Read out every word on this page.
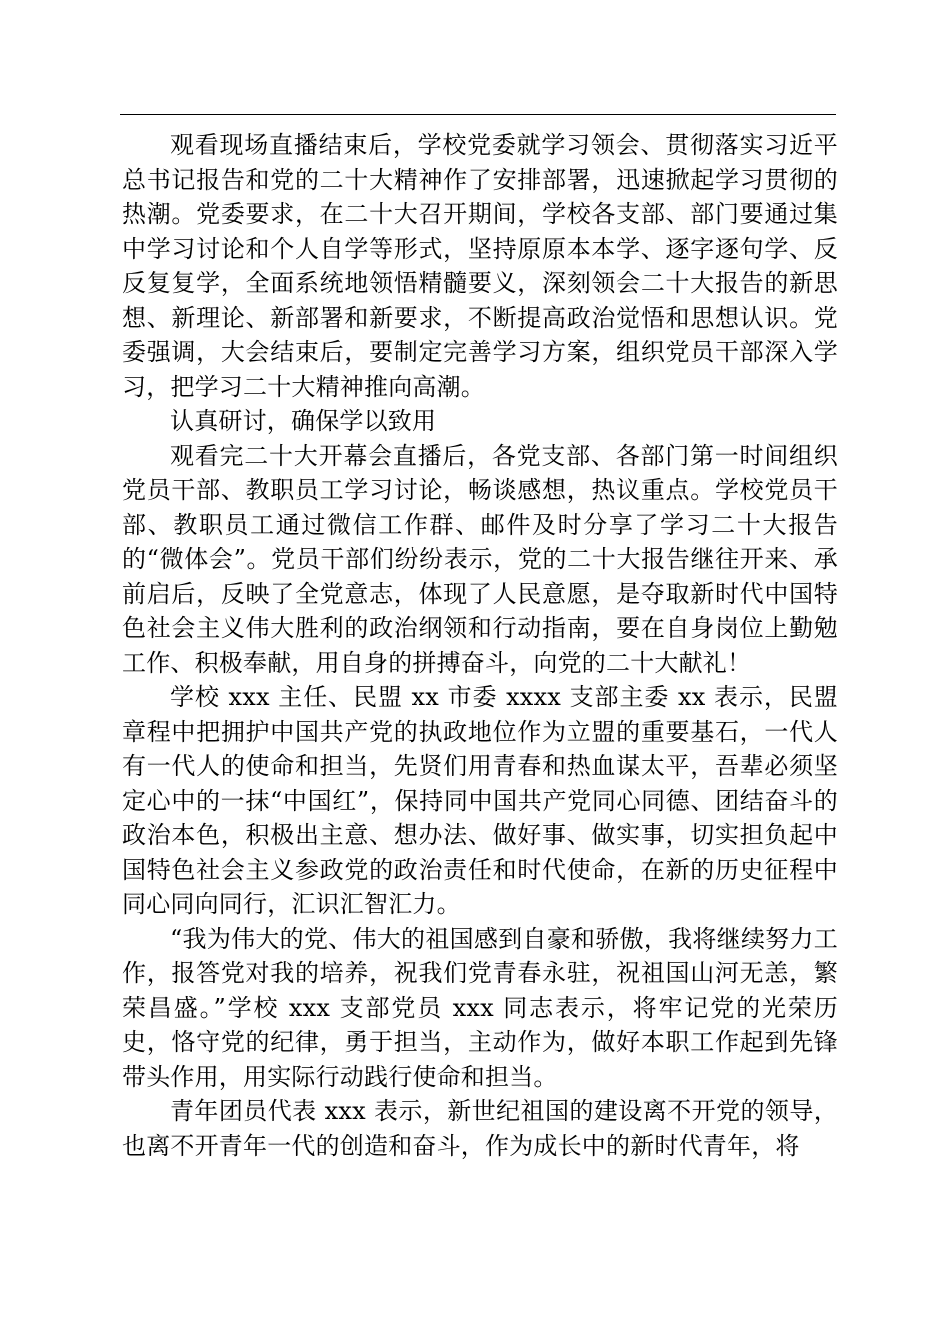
观看现场直播结束后，学校党委就学习领会、贯彻落实习近平总书记报告和党的二十大精神作了安排部署，迅速掀起学习贯彻的热潮。党委要求，在二十大召开期间，学校各支部、部门要通过集中学习讨论和个人自学等形式，坚持原原本本学、逐字逐句学、反反复复学，全面系统地领悟精髓要义，深刻领会二十大报告的新思想、新理论、新部署和新要求，不断提高政治觉悟和思想认识。党委强调，大会结束后，要制定完善学习方案，组织党员干部深入学习，把学习二十大精神推向高潮。

认真研讨，确保学以致用

观看完二十大开幕会直播后，各党支部、各部门第一时间组织党员干部、教职员工学习讨论，畅谈感想，热议重点。学校党员干部、教职员工通过微信工作群、邮件及时分享了学习二十大报告的“微体会”。党员干部们纷纷表示，党的二十大报告继往开来、承前启后，反映了全党意志，体现了人民意愿，是夺取新时代中国特色社会主义伟大胜利的政治纲领和行动指南，要在自身岗位上勤勉工作、积极奉献，用自身的拼搏奋斗，向党的二十大献礼！

学校 xxx 主任、民盟 xx 市委 xxxx 支部主委 xx 表示，民盟章程中把拥护中国共产党的执政地位作为立盟的重要基石，一代人有一代人的使命和担当，先贤们用青春和热血谋太平，吾辈必须坚定心中的一抹“中国红”，保持同中国共产党同心同德、团结奋斗的政治本色，积极出主意、想办法、做好事、做实事，切实担负起中国特色社会主义参政党的政治责任和时代使命，在新的历史征程中同心同向同行，汇识汇智汇力。

“我为伟大的党、伟大的祖国感到自豪和骄傲，我将继续努力工作，报答党对我的培养，祝我们党青春永驻，祝祖国山河无恙，繁荣昌盛。”学校 xxx 支部党员 xxx 同志表示，将牢记党的光荣历史，恪守党的纪律，勇于担当，主动作为，做好本职工作起到先锋带头作用，用实际行动践行使命和担当。

青年团员代表 xxx 表示，新世纪祖国的建设离不开党的领导，也离不开青年一代的创造和奋斗，作为成长中的新时代青年，将
